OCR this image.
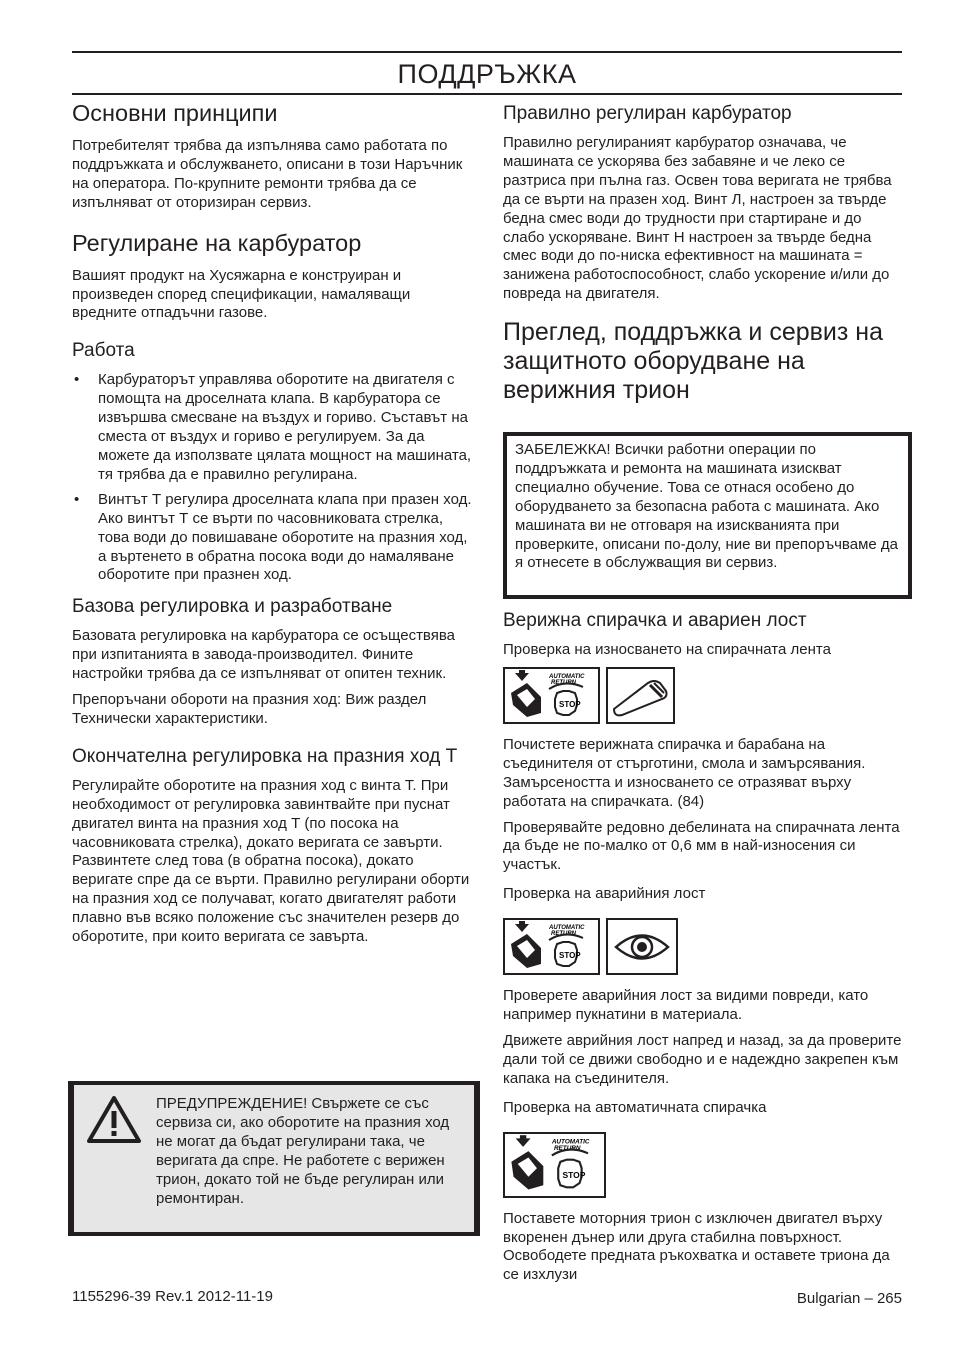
ПОДДРЪЖКА
Основни принципи

Потребителят трябва да изпълнява само работата по поддръжката и обслужването, описани в този Наръчник на оператора. По-крупните ремонти трябва да се изпълняват от оторизиран сервиз.

Регулиране на карбуратор

Вашият продукт на Хусяжарна е конструиран и произведен според спецификации, намаляващи вредните отпадъчни газове.

Работа
• Карбураторът управлява оборотите на двигателя с помощта на дроселната клапа. В карбуратора се извършва смесване на въздух и гориво. Съставът на сместа от въздух и гориво е регулируем. За да можете да използвате цялата мощност на машината, тя трябва да е правилно регулирана.
• Винтът Т регулира дроселната клапа при празен ход. Ако винтът Т се върти по часовниковата стрелка, това води до повишаване оборотите на празния ход, а въртенето в обратна посока води до намаляване оборотите при празнен ход.
Базова регулировка и разработване

Базовата регулировка на карбуратора се осъществява при изпитанията в завода-производител. Фините настройки трябва да се изпълняват от опитен техник.

Препоръчани обороти на празния ход: Виж раздел Технически характеристики.

Окончателна регулировка на празния ход Т

Регулирайте оборотите на празния ход с винта Т. При необходимост от регулировка завинтвайте при пуснат двигател винта на празния ход Т (по посока на часовниковата стрелка), докато веригата се завърти. Развинтете след това (в обратна посока), докато веригате спре да се върти. Правилно регулирани оборти на празния ход се получават, когато двигателят работи плавно във всяко положение със значителен резерв до оборотите, при които веригата се завърта.

ПРЕДУПРЕЖДЕНИЕ! Свържете се със сервиза си, ако оборотите на празния ход не могат да бъдат регулирани така, че веригата да спре. Не работете с верижен трион, докато той не бъде регулиран или ремонтиран.

Правилно регулиран карбуратор

Правилно регулираният карбуратор означава, че машината се ускорява без забавяне и че леко се разтриса при пълна газ. Освен това веригата не трябва да се върти на празен ход. Винт Л, настроен за твърде бедна смес води до трудности при стартиране и до слабо ускоряване. Винт Н настроен за твърде бедна смес води до по-ниска ефективност на машината = занижена работоспособност, слабо ускорение и/или до повреда на двигателя.

Преглед, поддръжка и сервиз на защитното оборудване на верижния трион

ЗАБЕЛЕЖКА! Всички работни операции по поддръжката и ремонта на машината изискват специално обучение. Това се отнася особено до оборудването за безопасна работа с машината. Ако машината ви не отговаря на изискванията при проверките, описани по-долу, ние ви препоръчваме да я отнесете в обслужващия ви сервиз.

Верижна спирачка и авариен лост

Проверка на износването на спирачната лента

AUTOMATIC
RETURN
STOP

Почистете верижната спирачка и барабана на съединителя от стърготини, смола и замърсявания. Замърсеността и износването се отразяват върху работата на спирачката. (84)

Проверявайте редовно дебелината на спирачната лента да бъде не по-малко от 0,6 мм в най-износения си участък.

Проверка на аварийния лост

AUTOMATIC
RETURN
STOP

Проверете аварийния лост за видими повреди, като например пукнатини в материала.

Движете аврийния лост напред и назад, за да проверите дали той се движи свободно и е надеждно закрепен към капака на съединителя.

Проверка на автоматичната спирачка

AUTOMATIC
RETURN
STOP

Поставете моторния трион с изключен двигател върху вкоренен дънер или друга стабилна повърхност. Освободете предната ръкохватка и оставете триона да се изхлузи

1155296-39 Rev.1 2012-11-19	Bulgarian – 265
